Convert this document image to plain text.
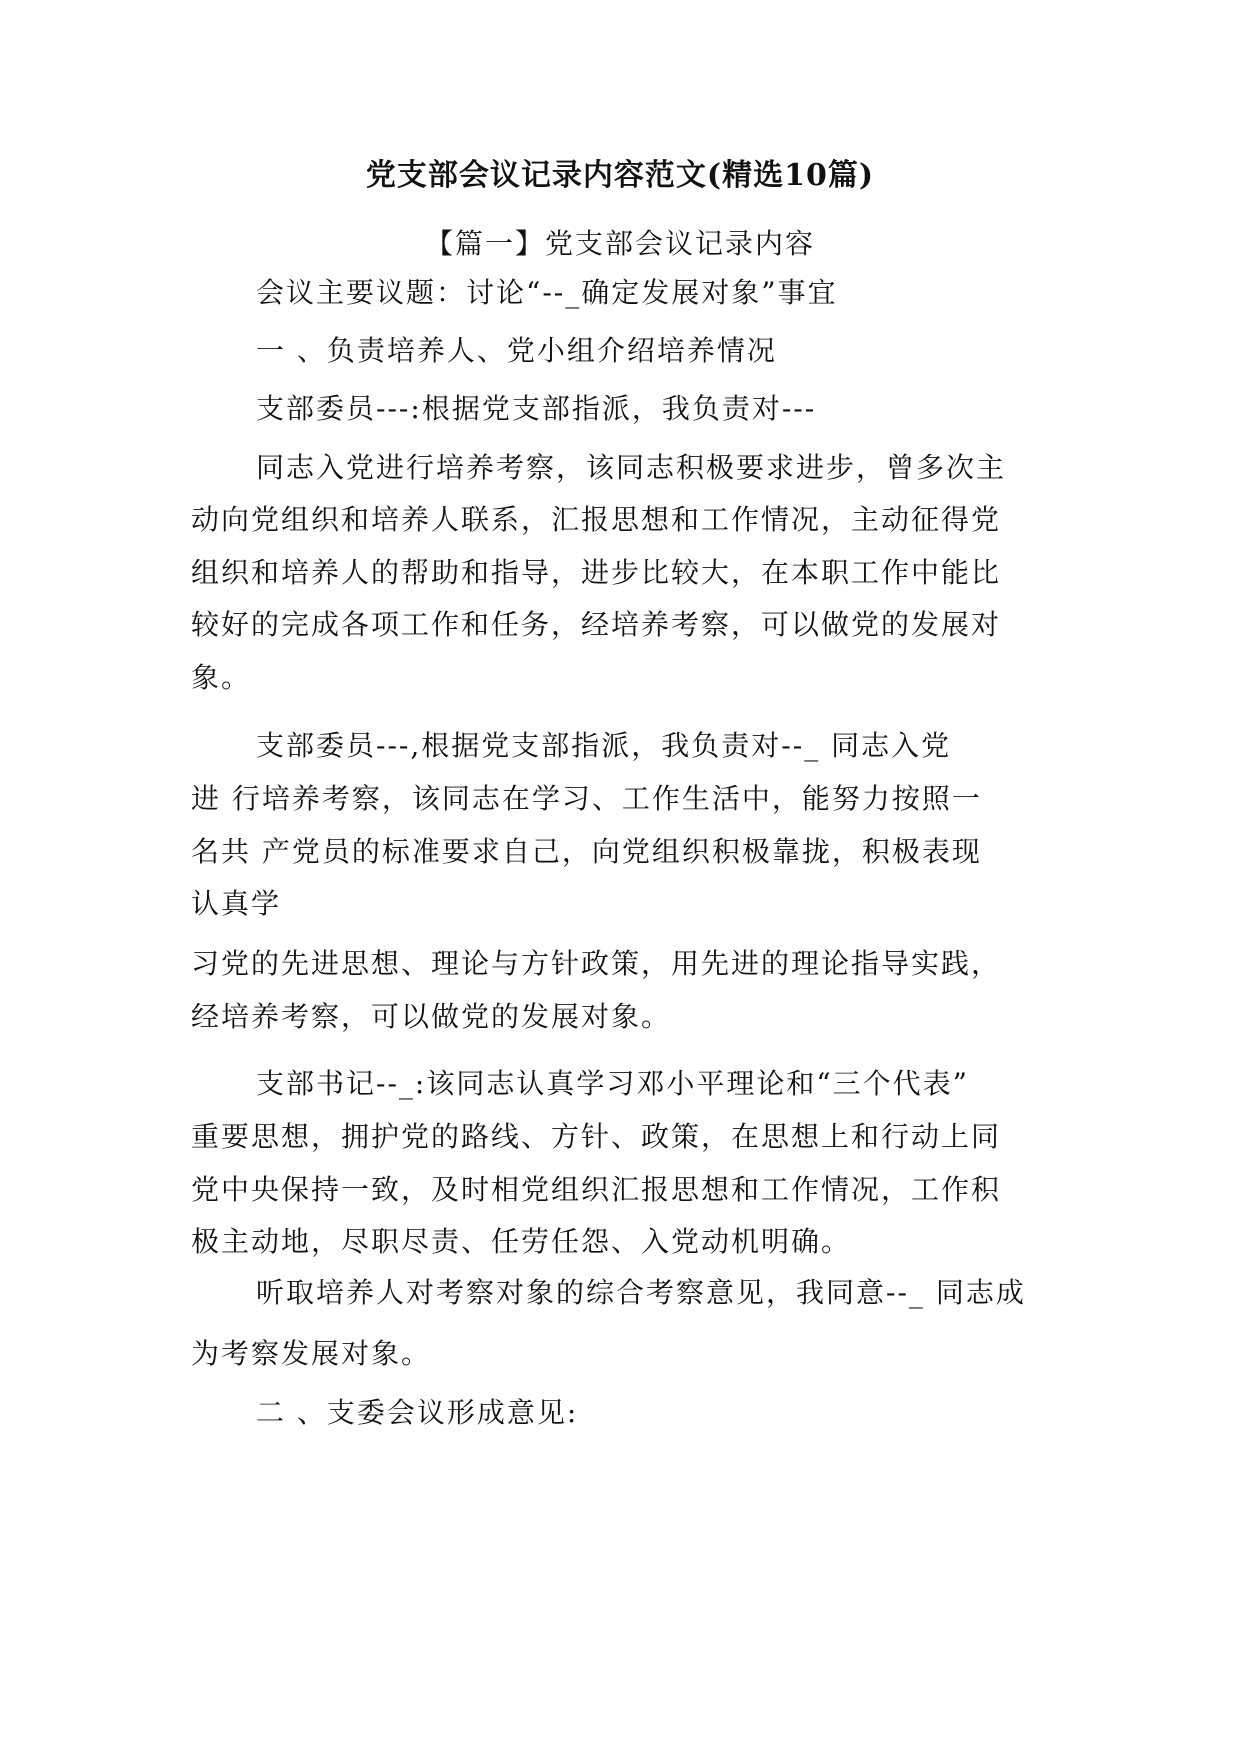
党支部会议记录内容范文(精选10篇)
【篇一】党支部会议记录内容
会议主要议题：讨论“--_确定发展对象”事宜
一 、负责培养人、党小组介绍培养情况
支部委员---:根据党支部指派，我负责对---
同志入党进行培养考察，该同志积极要求进步，曾多次主
动向党组织和培养人联系，汇报思想和工作情况，主动征得党
组织和培养人的帮助和指导，进步比较大，在本职工作中能比
较好的完成各项工作和任务，经培养考察，可以做党的发展对
象。
支部委员---,根据党支部指派，我负责对--_ 同志入党
进 行培养考察，该同志在学习、工作生活中，能努力按照一
名共 产党员的标准要求自己，向党组织积极靠拢，积极表现
认真学
习党的先进思想、理论与方针政策，用先进的理论指导实践，
经培养考察，可以做党的发展对象。
支部书记--_:该同志认真学习邓小平理论和“三个代表”
重要思想，拥护党的路线、方针、政策，在思想上和行动上同
党中央保持一致，及时相党组织汇报思想和工作情况，工作积
极主动地，尽职尽责、任劳任怨、入党动机明确。
听取培养人对考察对象的综合考察意见，我同意--_ 同志成
为考察发展对象。
二 、支委会议形成意见:
